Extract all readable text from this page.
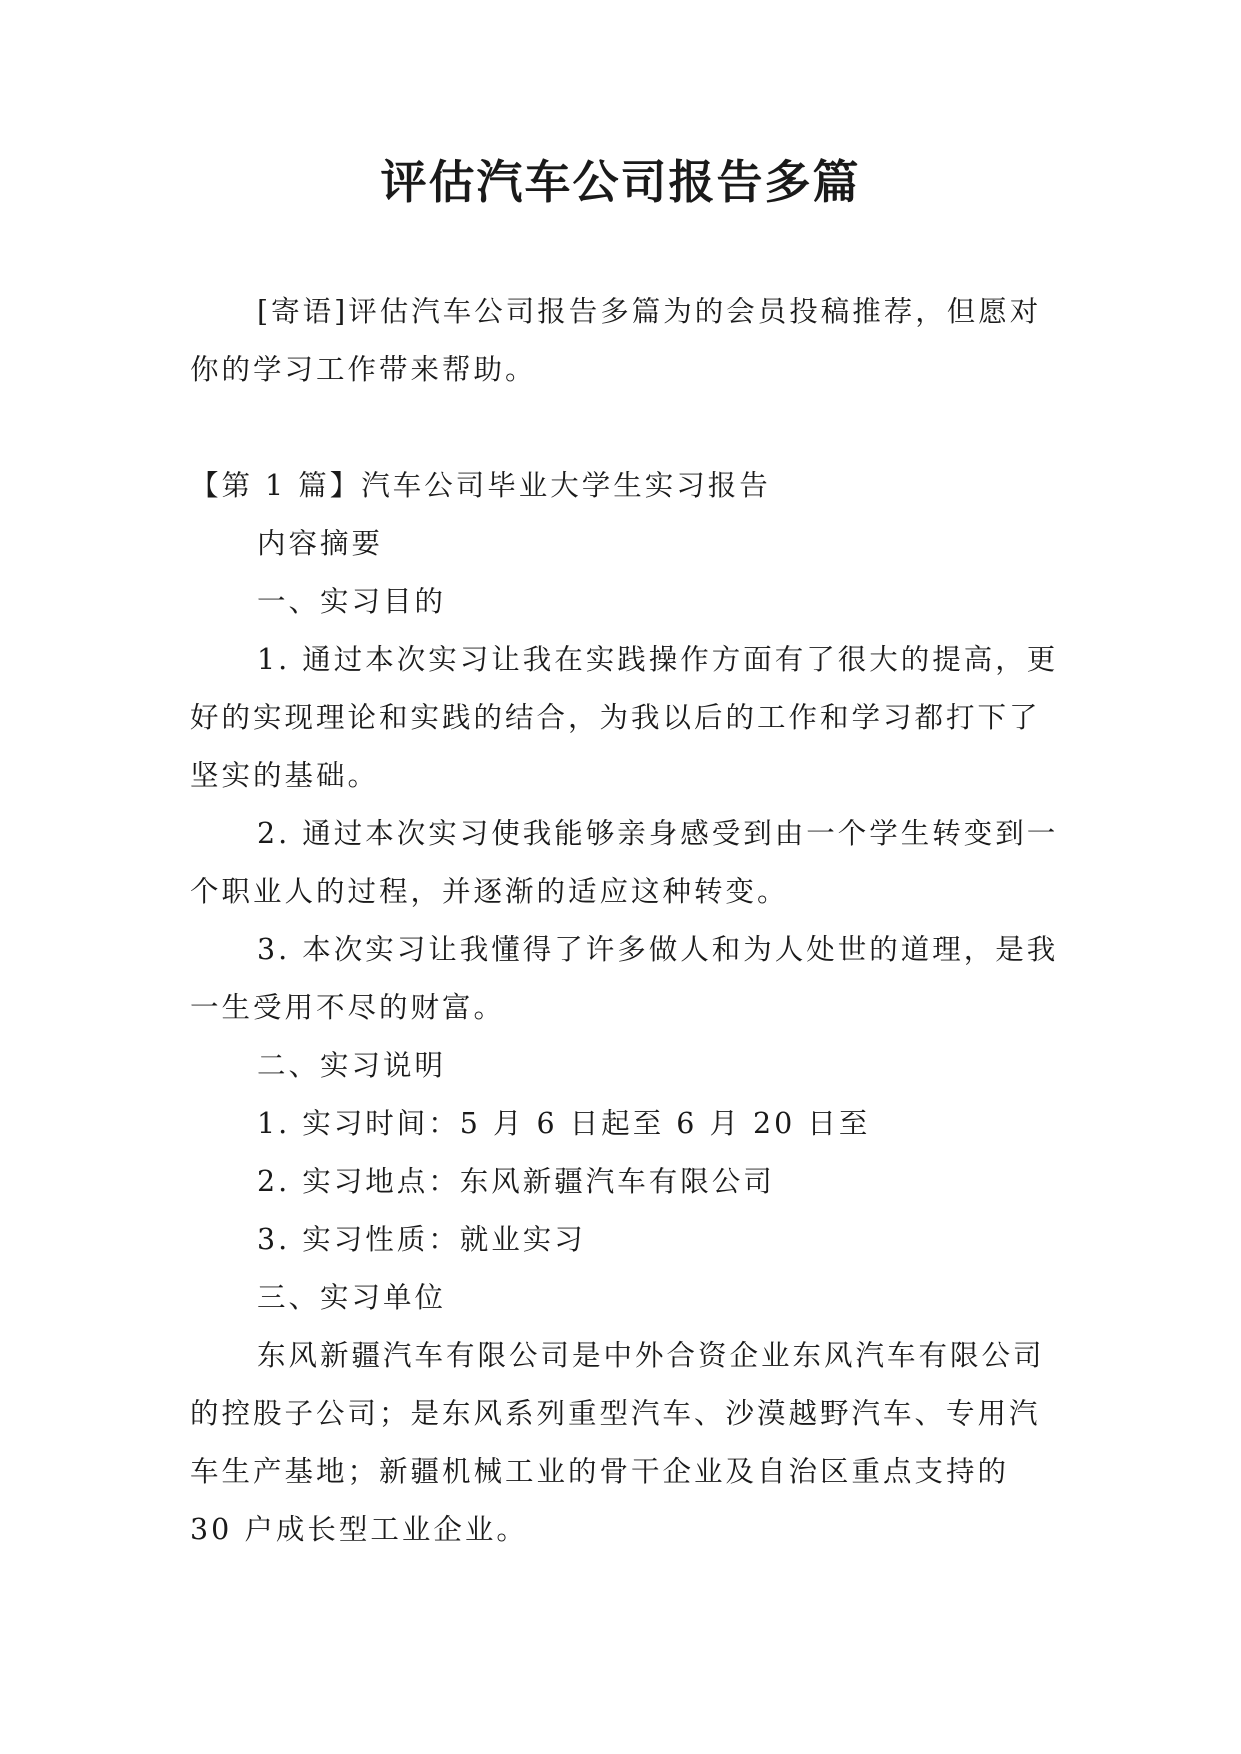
评估汽车公司报告多篇

[寄语]评估汽车公司报告多篇为的会员投稿推荐，但愿对你的学习工作带来帮助。

【第 1 篇】汽车公司毕业大学生实习报告

内容摘要

一、实习目的

1. 通过本次实习让我在实践操作方面有了很大的提高，更好的实现理论和实践的结合，为我以后的工作和学习都打下了坚实的基础。

2. 通过本次实习使我能够亲身感受到由一个学生转变到一个职业人的过程，并逐渐的适应这种转变。

3. 本次实习让我懂得了许多做人和为人处世的道理，是我一生受用不尽的财富。

二、实习说明

1. 实习时间：5 月 6 日起至 6 月 20 日至

2. 实习地点：东风新疆汽车有限公司

3. 实习性质：就业实习

三、实习单位

东风新疆汽车有限公司是中外合资企业东风汽车有限公司的控股子公司；是东风系列重型汽车、沙漠越野汽车、专用汽车生产基地；新疆机械工业的骨干企业及自治区重点支持的 30 户成长型工业企业。
